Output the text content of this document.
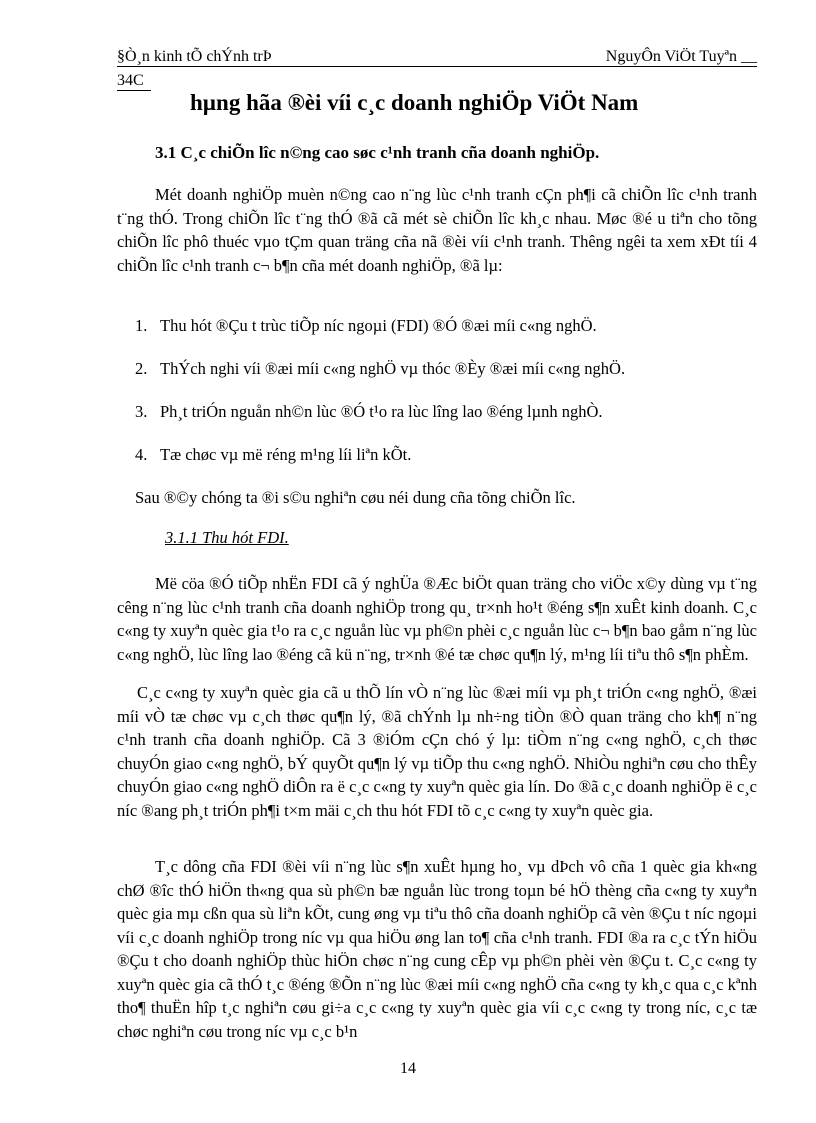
§Ò¸n kinh tÕ chÝnh trÞ	NguyÔn ViÖt Tuyªn __
34C
hµng hãa ®èi víi c¸c doanh nghiÖp ViÖt Nam
3.1 C¸c chiÕn lîc n©ng cao søc c¹nh tranh cña doanh nghiÖp.

Mét doanh nghiÖp muèn n©ng cao n¨ng lùc c¹nh tranh cÇn ph¶i cã chiÕn lîc c¹nh tranh t¨ng thÓ. Trong chiÕn lîc t¨ng thÓ ®ã cã mét sè chiÕn lîc kh¸c nhau. Møc ®é u tiªn cho tõng chiÕn lîc phô thuéc vµo tÇm quan träng cña nã ®èi víi c¹nh tranh. Thêng ngêi ta xem xÐt tíi 4 chiÕn lîc c¹nh tranh c¬ b¶n cña mét doanh nghiÖp, ®ã lµ:

1. Thu hót ®Çu t trùc tiÕp níc ngoµi (FDI) ®Ó ®æi míi c«ng nghÖ.
2. ThÝch nghi víi ®æi míi c«ng nghÖ vµ thóc ®Èy ®æi míi c«ng nghÖ.
3. Ph¸t triÓn nguån nh©n lùc ®Ó t¹o ra lùc lîng lao ®éng lµnh nghÒ.
4. Tæ chøc vµ më réng m¹ng líi liªn kÕt.

Sau ®©y chóng ta ®i s©u nghiªn cøu néi dung cña tõng chiÕn lîc.

3.1.1 Thu hót FDI.

Më cöa ®Ó tiÕp nhËn FDI cã ý nghÜa ®Æc biÖt quan träng cho viÖc x©y dùng vµ t¨ng cêng n¨ng lùc c¹nh tranh cña doanh nghiÖp trong qu¸ tr×nh ho¹t ®éng s¶n xuÊt kinh doanh. C¸c c«ng ty xuyªn quèc gia t¹o ra c¸c nguån lùc vµ ph©n phèi c¸c nguån lùc c¬ b¶n bao gåm n¨ng lùc c«ng nghÖ, lùc lîng lao ®éng cã kü n¨ng, tr×nh ®é tæ chøc qu¶n lý, m¹ng líi tiªu thô s¶n phÈm.

C¸c c«ng ty xuyªn quèc gia cã u thÕ lín vÒ n¨ng lùc ®æi míi vµ ph¸t triÓn c«ng nghÖ, ®æi míi vÒ tæ chøc vµ c¸ch thøc qu¶n lý, ®ã chÝnh lµ nh÷ng tiÒn ®Ò quan träng cho kh¶ n¨ng c¹nh tranh cña doanh nghiÖp. Cã 3 ®iÓm cÇn chó ý lµ: tiÒm n¨ng c«ng nghÖ, c¸ch thøc chuyÓn giao c«ng nghÖ, bÝ quyÕt qu¶n lý vµ tiÕp thu c«ng nghÖ. NhiÒu nghiªn cøu cho thÊy chuyÓn giao c«ng nghÖ diÔn ra ë c¸c c«ng ty xuyªn quèc gia lín. Do ®ã c¸c doanh nghiÖp ë c¸c níc ®ang ph¸t triÓn ph¶i t×m mäi c¸ch thu hót FDI tõ c¸c c«ng ty xuyªn quèc gia.

T¸c dông cña FDI ®èi víi n¨ng lùc s¶n xuÊt hµng ho¸ vµ dÞch vô cña 1 quèc gia kh«ng chØ ®îc thÓ hiÖn th«ng qua sù ph©n bæ nguån lùc trong toµn bé hÖ thèng cña c«ng ty xuyªn quèc gia mµ cßn qua sù liªn kÕt, cung øng vµ tiªu thô cña doanh nghiÖp cã vèn ®Çu t níc ngoµi víi c¸c doanh nghiÖp trong níc vµ qua hiÖu øng lan to¶ cña c¹nh tranh. FDI ®a ra c¸c tÝn hiÖu ®Çu t cho doanh nghiÖp thùc hiÖn chøc n¨ng cung cÊp vµ ph©n phèi vèn ®Çu t. C¸c c«ng ty xuyªn quèc gia cã thÓ t¸c ®éng ®Õn n¨ng lùc ®æi míi c«ng nghÖ cña c«ng ty kh¸c qua c¸c kªnh tho¶ thuËn hîp t¸c nghiªn cøu gi÷a c¸c c«ng ty xuyªn quèc gia víi c¸c c«ng ty trong níc, c¸c tæ chøc nghiªn cøu trong níc vµ c¸c b¹n

14
